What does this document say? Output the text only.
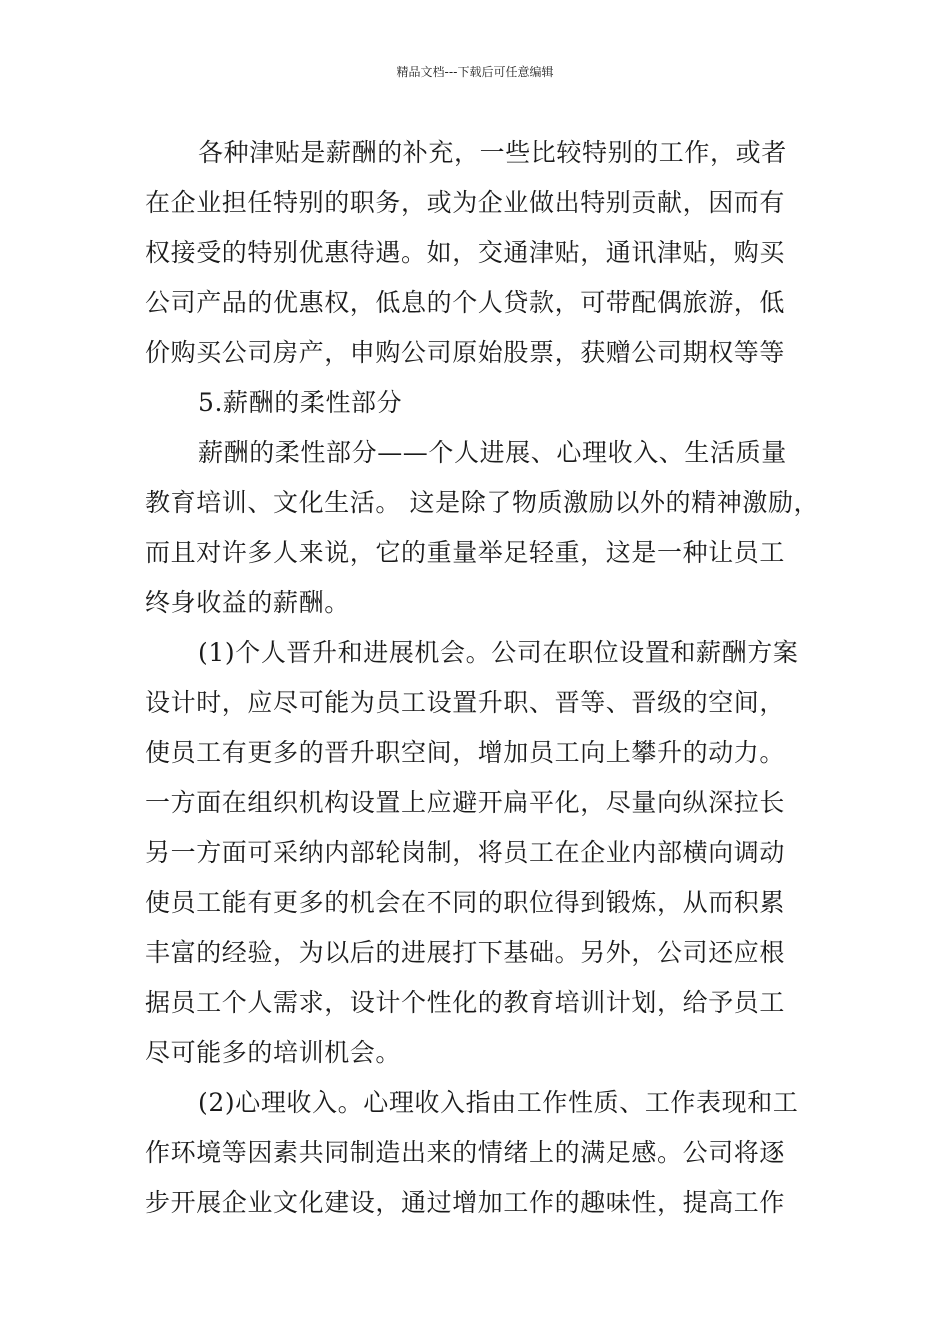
精品文档---下载后可任意编辑
各种津贴是薪酬的补充，一些比较特别的工作，或者
在企业担任特别的职务，或为企业做出特别贡献，因而有
权接受的特别优惠待遇。如，交通津贴，通讯津贴，购买
公司产品的优惠权，低息的个人贷款，可带配偶旅游，低
价购买公司房产，申购公司原始股票，获赠公司期权等等
5.薪酬的柔性部分
薪酬的柔性部分——个人进展、心理收入、生活质量
教育培训、文化生活。 这是除了物质激励以外的精神激励，
而且对许多人来说，它的重量举足轻重，这是一种让员工
终身收益的薪酬。
(1)个人晋升和进展机会。公司在职位设置和薪酬方案
设计时，应尽可能为员工设置升职、晋等、晋级的空间，
使员工有更多的晋升职空间，增加员工向上攀升的动力。
一方面在组织机构设置上应避开扁平化，尽量向纵深拉长
另一方面可采纳内部轮岗制，将员工在企业内部横向调动
使员工能有更多的机会在不同的职位得到锻炼，从而积累
丰富的经验，为以后的进展打下基础。另外，公司还应根
据员工个人需求，设计个性化的教育培训计划，给予员工
尽可能多的培训机会。
(2)心理收入。心理收入指由工作性质、工作表现和工
作环境等因素共同制造出来的情绪上的满足感。公司将逐
步开展企业文化建设，通过增加工作的趣味性，提高工作
